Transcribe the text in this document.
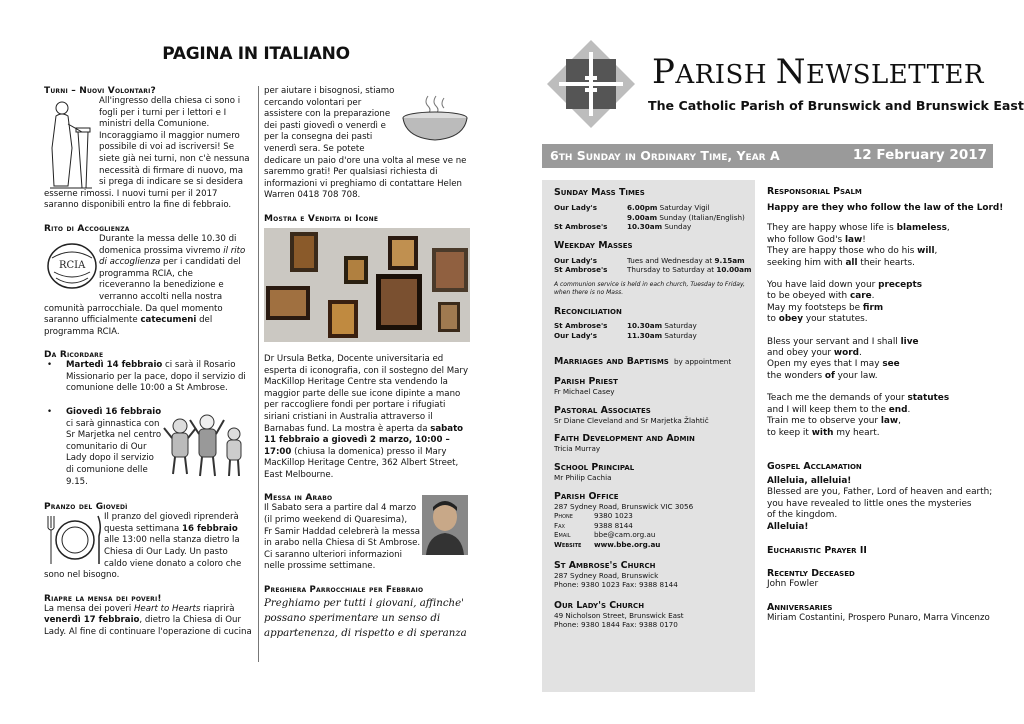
PAGINA IN ITALIANO
Turni – Nuovi Volontari?
All'ingresso della chiesa ci sono i
fogli per i turni per i lettori e I
ministri della Comunione.
Incoraggiamo il maggior numero
possibile di voi ad iscriversi! Se
siete già nei turni, non c'è nessuna
necessità di firmare di nuovo, ma
si prega di indicare se si desidera
esserne rimossi. I nuovi turni per il 2017
saranno disponibili entro la fine di febbraio.
Rito di Accoglienza
RCIA
Durante la messa delle 10.30 di
domenica prossima vivremo il rito
di accoglienza per i candidati del
programma RCIA, che
riceveranno la benedizione e
verranno accolti nella nostra
comunità parrocchiale. Da quel momento
saranno ufficialmente catecumeni del
programma RCIA.
Da Ricordare
• Martedì 14 febbraio ci sarà il Rosario
Missionario per la pace, dopo il servizio di
comunione delle 10:00 a St Ambrose.
• Giovedì 16 febbraio
ci sarà ginnastica con
Sr Marjetka nel centro
comunitario di Our
Lady dopo il servizio
di comunione delle
9.15.
Pranzo del Giovedì
Il pranzo del giovedì riprenderà
questa settimana 16 febbraio
alle 13:00 nella stanza dietro la
Chiesa di Our Lady. Un pasto
caldo viene donato a coloro che
sono nel bisogno.
Riapre la mensa dei poveri!
La mensa dei poveri Heart to Hearts riaprirà
venerdì 17 febbraio, dietro la Chiesa di Our
Lady. Al fine di continuare l'operazione di cucina
per aiutare i bisognosi, stiamo
cercando volontari per
assistere con la preparazione
dei pasti giovedì o venerdì e
per la consegna dei pasti
venerdì sera. Se potete
dedicare un paio d'ore una volta al mese ve ne
saremmo grati! Per qualsiasi richiesta di
informazioni vi preghiamo di contattare Helen
Warren 0418 708 708.
Mostra e Vendita di Icone
Dr Ursula Betka, Docente universitaria ed
esperta di iconografia, con il sostegno del Mary
MacKillop Heritage Centre sta vendendo la
maggior parte delle sue icone dipinte a mano
per raccogliere fondi per portare i rifugiati
siriani cristiani in Australia attraverso il
Barnabas fund. La mostra è aperta da sabato
11 febbraio a giovedì 2 marzo, 10:00 –
17:00 (chiusa la domenica) presso il Mary
MacKillop Heritage Centre, 362 Albert Street,
East Melbourne.
Messa in Arabo
Il Sabato sera a partire dal 4 marzo
(il primo weekend di Quaresima),
Fr Samir Haddad celebrerà la messa
in arabo nella Chiesa di St Ambrose.
Ci saranno ulteriori informazioni
nelle prossime settimane.
Preghiera Parrocchiale per Febbraio
Preghiamo per tutti i giovani, affinche'
possano sperimentare un senso di
appartenenza, di rispetto e di speranza
PARISH NEWSLETTER
The Catholic Parish of Brunswick and Brunswick East
6th Sunday in Ordinary Time, Year A	12 February 2017
Sunday Mass Times
Our Lady's	6.00pm Saturday Vigil
9.00am Sunday (Italian/English)
St Ambrose's	10.30am Sunday
Weekday Masses
Our Lady's	Tues and Wednesday at 9.15am
St Ambrose's	Thursday to Saturday at 10.00am
A communion service is held in each church, Tuesday to Friday,
when there is no Mass.
Reconciliation
St Ambrose's	10.30am Saturday
Our Lady's	11.30am Saturday
Marriages and Baptisms by appointment
Parish Priest
Fr Michael Casey
Pastoral Associates
Sr Diane Cleveland and Sr Marjetka Žlahtič
Faith Development and Admin
Tricia Murray
School Principal
Mr Philip Cachia
Parish Office
287 Sydney Road, Brunswick VIC 3056
Phone	9380 1023
Fax	9388 8144
Email	bbe@cam.org.au
Website	www.bbe.org.au
St Ambrose's Church
287 Sydney Road, Brunswick
Phone: 9380 1023 Fax: 9388 8144
Our Lady's Church
49 Nicholson Street, Brunswick East
Phone: 9380 1844 Fax: 9388 0170
Responsorial Psalm
Happy are they who follow the law of the Lord!
They are happy whose life is blameless,
who follow God's law!
They are happy those who do his will,
seeking him with all their hearts.
You have laid down your precepts
to be obeyed with care.
May my footsteps be firm
to obey your statutes.
Bless your servant and I shall live
and obey your word.
Open my eyes that I may see
the wonders of your law.
Teach me the demands of your statutes
and I will keep them to the end.
Train me to observe your law,
to keep it with my heart.
Gospel Acclamation
Alleluia, alleluia!
Blessed are you, Father, Lord of heaven and earth;
you have revealed to little ones the mysteries
of the kingdom.
Alleluia!
Eucharistic Prayer II
Recently Deceased
John Fowler
Anniversaries
Miriam Costantini, Prospero Punaro, Marra Vincenzo
